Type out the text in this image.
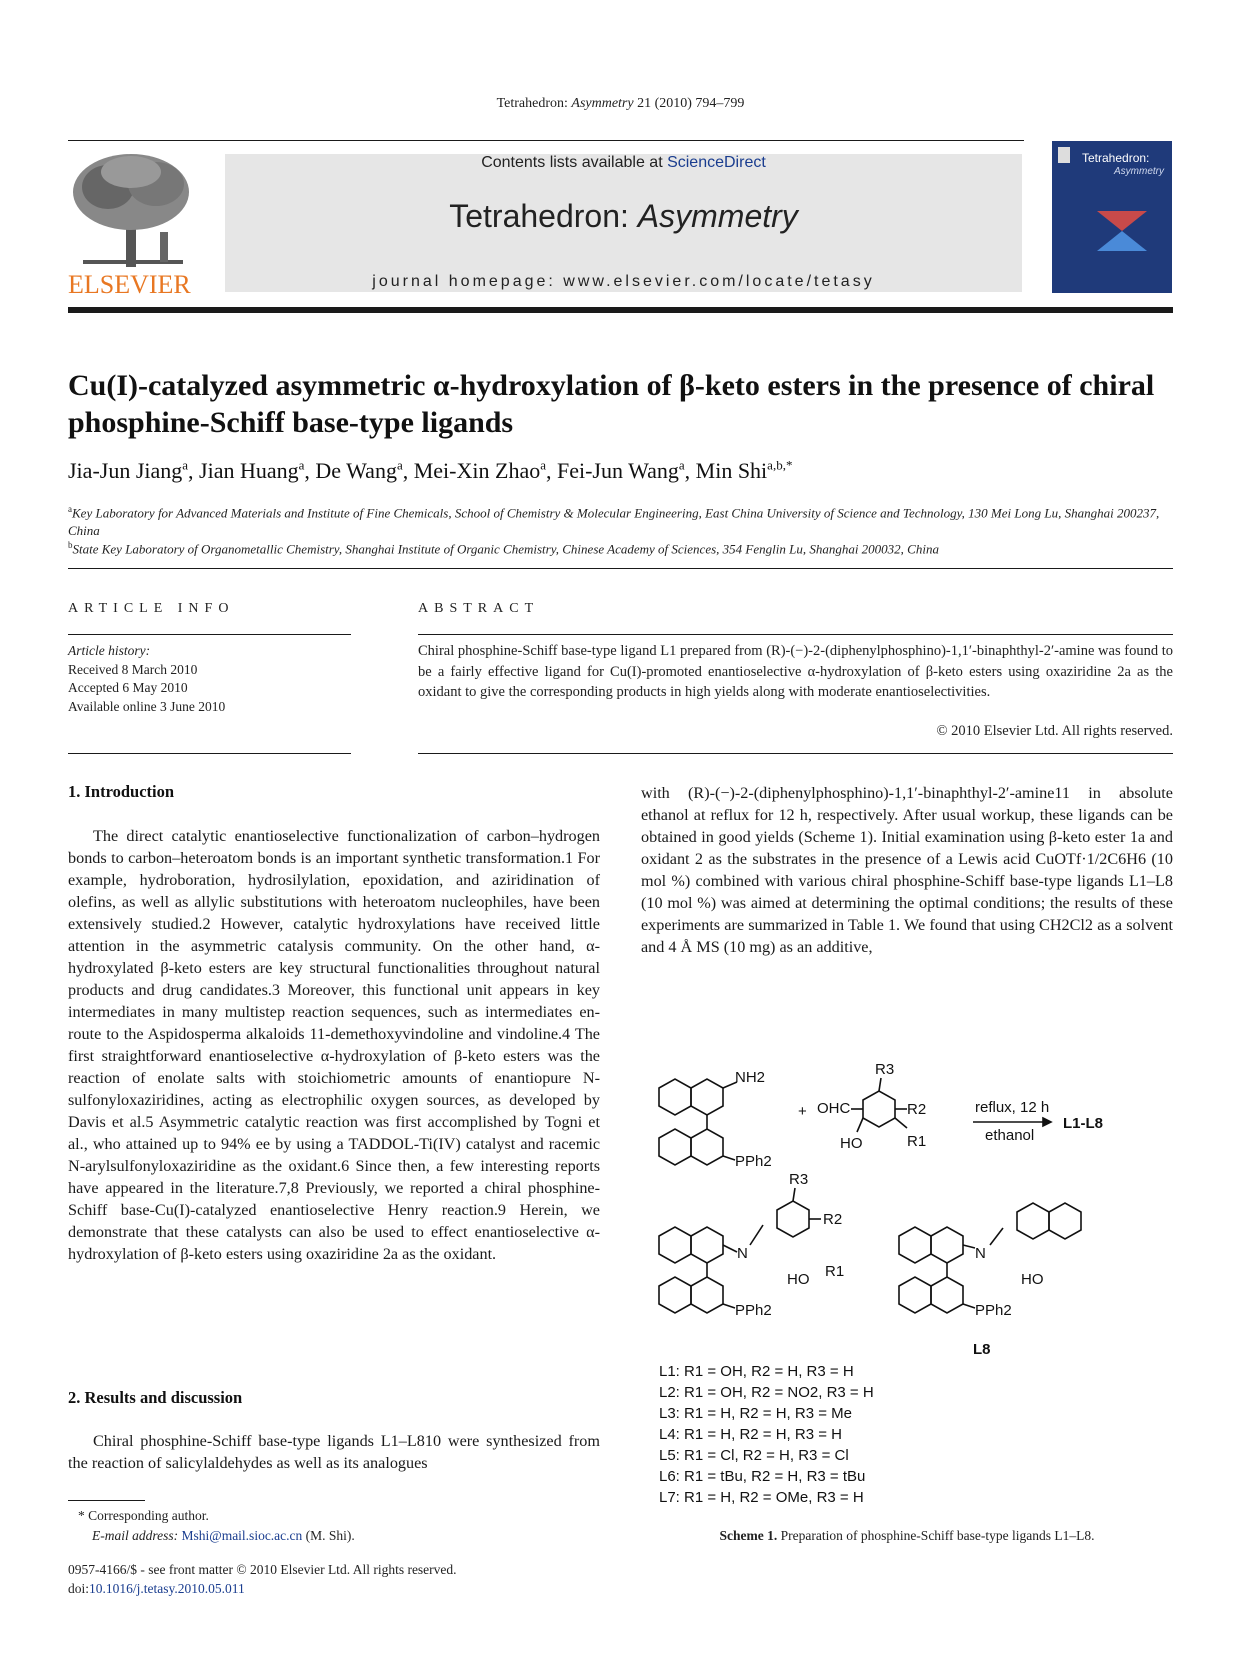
Tetrahedron: Asymmetry 21 (2010) 794–799
ELSEVIER
Contents lists available at ScienceDirect
Tetrahedron: Asymmetry
journal homepage: www.elsevier.com/locate/tetasy
Tetrahedron:
Asymmetry
Cu(I)-catalyzed asymmetric α-hydroxylation of β-keto esters in the presence of chiral phosphine-Schiff base-type ligands
Jia-Jun Jiang$^a$, Jian Huang$^a$, De Wang$^a$, Mei-Xin Zhao$^a$, Fei-Jun Wang$^a$, Min Shi$^{a,b,*}$
$^a$Key Laboratory for Advanced Materials and Institute of Fine Chemicals, School of Chemistry & Molecular Engineering, East China University of Science and Technology, 130 Mei Long Lu, Shanghai 200237, China
$^b$State Key Laboratory of Organometallic Chemistry, Shanghai Institute of Organic Chemistry, Chinese Academy of Sciences, 354 Fenglin Lu, Shanghai 200032, China
ARTICLE INFO
Article history:
Received 8 March 2010
Accepted 6 May 2010
Available online 3 June 2010
ABSTRACT
Chiral phosphine-Schiff base-type ligand L1 prepared from (R)-(−)-2-(diphenylphosphino)-1,1′-binaphthyl-2′-amine was found to be a fairly effective ligand for Cu(I)-promoted enantioselective α-hydroxylation of β-keto esters using oxaziridine 2a as the oxidant to give the corresponding products in high yields along with moderate enantioselectivities.
© 2010 Elsevier Ltd. All rights reserved.
1. Introduction

The direct catalytic enantioselective functionalization of carbon–hydrogen bonds to carbon–heteroatom bonds is an important synthetic transformation.1 For example, hydroboration, hydrosilylation, epoxidation, and aziridination of olefins, as well as allylic substitutions with heteroatom nucleophiles, have been extensively studied.2 However, catalytic hydroxylations have received little attention in the asymmetric catalysis community. On the other hand, α-hydroxylated β-keto esters are key structural functionalities throughout natural products and drug candidates.3 Moreover, this functional unit appears in key intermediates in many multistep reaction sequences, such as intermediates en-route to the Aspidosperma alkaloids 11-demethoxyvindoline and vindoline.4 The first straightforward enantioselective α-hydroxylation of β-keto esters was the reaction of enolate salts with stoichiometric amounts of enantiopure N-sulfonyloxaziridines, acting as electrophilic oxygen sources, as developed by Davis et al.5 Asymmetric catalytic reaction was first accomplished by Togni et al., who attained up to 94% ee by using a TADDOL-Ti(IV) catalyst and racemic N-arylsulfonyloxaziridine as the oxidant.6 Since then, a few interesting reports have appeared in the literature.7,8 Previously, we reported a chiral phosphine-Schiff base-Cu(I)-catalyzed enantioselective Henry reaction.9 Herein, we demonstrate that these catalysts can also be used to effect enantioselective α-hydroxylation of β-keto esters using oxaziridine 2a as the oxidant.

2. Results and discussion

Chiral phosphine-Schiff base-type ligands L1–L810 were synthesized from the reaction of salicylaldehydes as well as its analogues

with (R)-(−)-2-(diphenylphosphino)-1,1′-binaphthyl-2′-amine11 in absolute ethanol at reflux for 12 h, respectively. After usual workup, these ligands can be obtained in good yields (Scheme 1). Initial examination using β-keto ester 1a and oxidant 2 as the substrates in the presence of a Lewis acid CuOTf·1/2C6H6 (10 mol %) combined with various chiral phosphine-Schiff base-type ligands L1–L8 (10 mol %) was aimed at determining the optimal conditions; the results of these experiments are summarized in Table 1. We found that using CH2Cl2 as a solvent and 4 Å MS (10 mg) as an additive,

NH2
PPh2
+ OHC
HO	R1
R2
R3
reflux, 12 h
ethanol
L1-L8
N
HO R1
R2
R3
PPh2
N
HO
PPh2
L8
L1: R1 = OH, R2 = H, R3 = H
L2: R1 = OH, R2 = NO2, R3 = H
L3: R1 = H, R2 = H, R3 = Me
L4: R1 = H, R2 = H, R3 = H
L5: R1 = Cl, R2 = H, R3 = Cl
L6: R1 = tBu, R2 = H, R3 = tBu
L7: R1 = H, R2 = OMe, R3 = H
Scheme 1. Preparation of phosphine-Schiff base-type ligands L1–L8.
* Corresponding author.
E-mail address: Mshi@mail.sioc.ac.cn (M. Shi).
0957-4166/$ - see front matter © 2010 Elsevier Ltd. All rights reserved.
doi:10.1016/j.tetasy.2010.05.011
